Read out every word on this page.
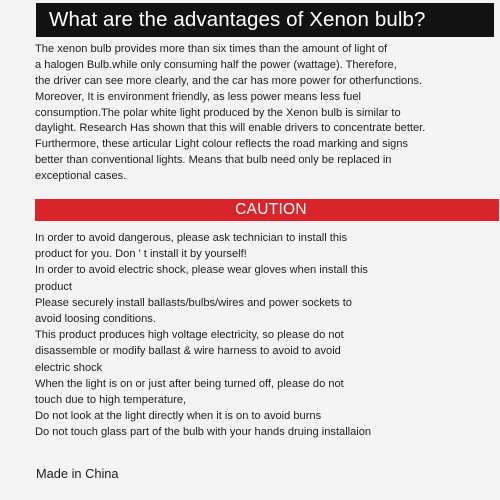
What are the advantages of Xenon bulb?
The xenon bulb provides more than six times than the amount of light of
a halogen Bulb.while only consuming half the power (wattage). Therefore,
the driver can see more clearly, and the car has more power for otherfunctions.
Moreover, It is environment friendly, as less power means less fuel
consumption.The polar white light produced by the Xenon bulb is similar to
daylight. Research Has shown that this will enable drivers to concentrate better.
Furthermore, these articular Light colour reflects the road marking and signs
better than conventional lights. Means that bulb need only be replaced in
exceptional cases.
CAUTION
In order to avoid dangerous, please ask technician to install this
product for you. Don ' t install it by yourself!
In order to avoid electric shock, please wear gloves when install this
product
Please securely install ballasts/bulbs/wires and power sockets to
avoid loosing conditions.
This product produces high voltage electricity, so please do not
disassemble or modify ballast & wire harness to avoid to avoid
electric shock
When the light is on or just after being turned off, please do not
touch due to high temperature,
Do not look at the light directly when it is on to avoid burns
Do not touch glass part of the bulb with your hands druing installaion
Made in China
